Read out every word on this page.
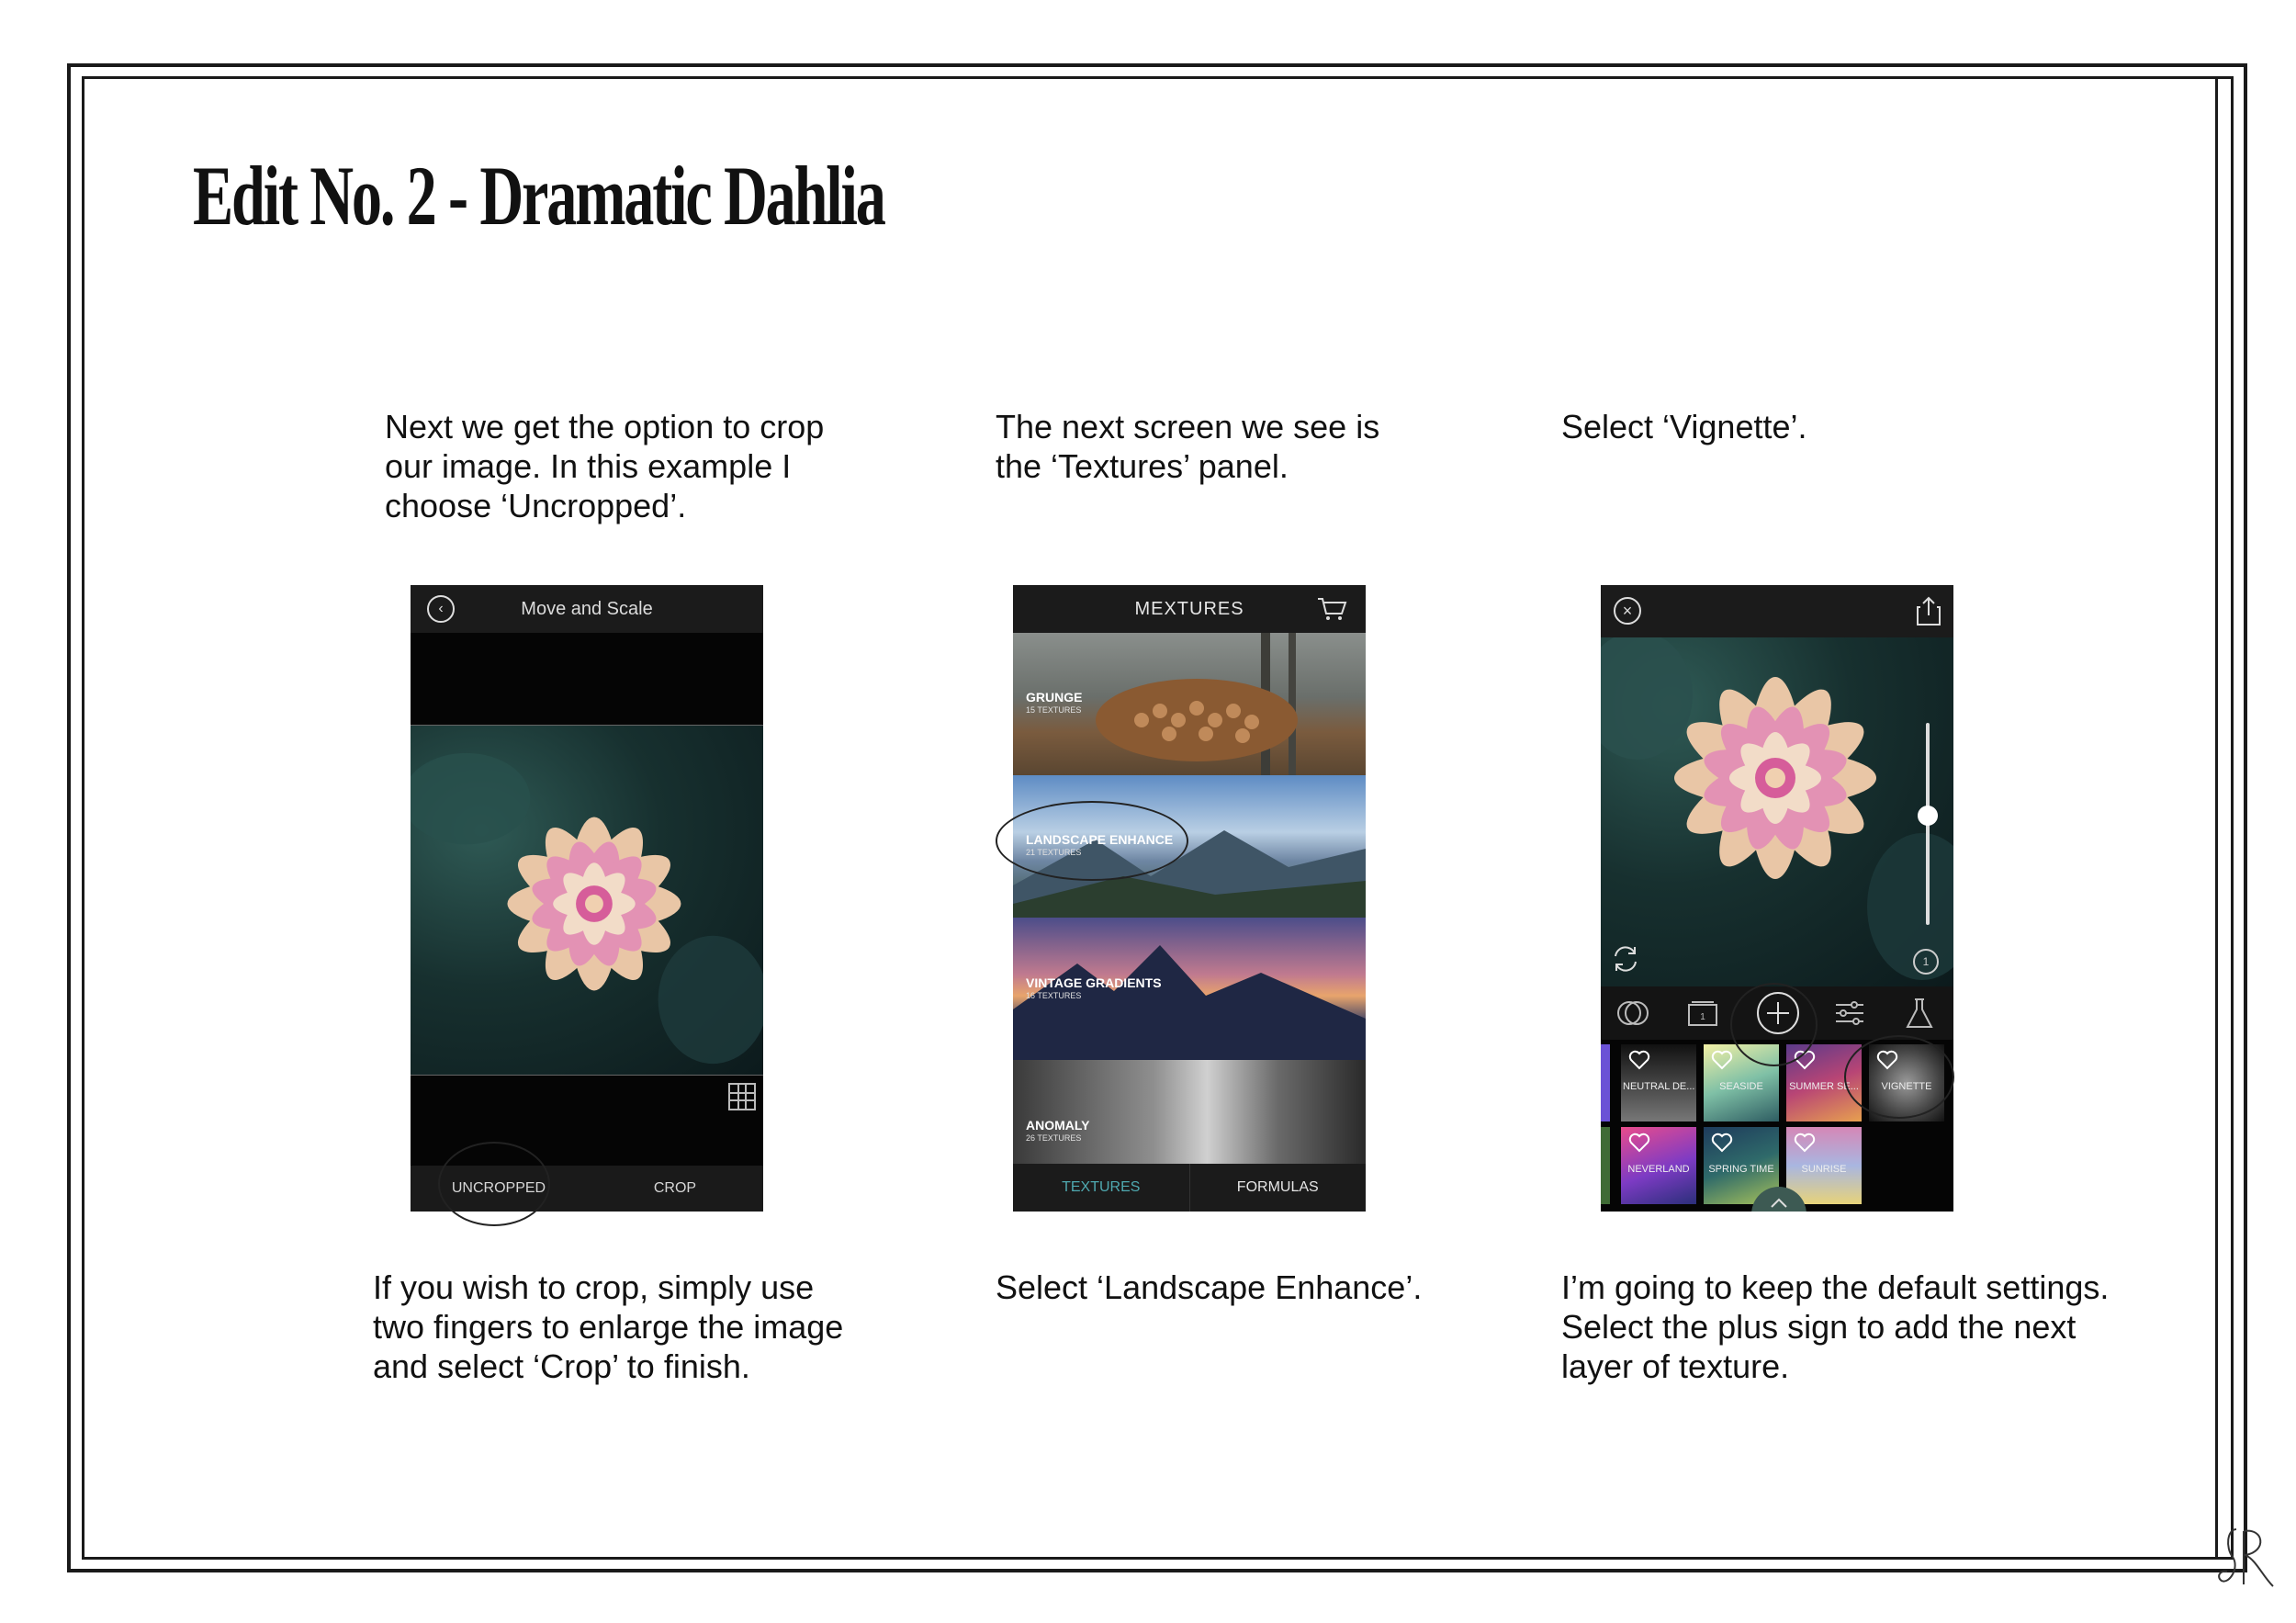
Edit No. 2 - Dramatic Dahlia
Next we get the option to crop
our image. In this example I
choose ‘Uncropped’.
The next screen we see is
the ‘Textures’ panel.
Select ‘Vignette’.
If you wish to crop, simply use
two fingers to enlarge the image
and select ‘Crop’ to finish.
Select ‘Landscape Enhance’.	I’m going to keep the default settings.
Select the plus sign to add the next
layer of texture.
‹	Move and Scale
UNCROPPED	CROP
MEXTURES
GRUNGE
15 TEXTURES
LANDSCAPE ENHANCE
21 TEXTURES
VINTAGE GRADIENTS
16 TEXTURES
ANOMALY
26 TEXTURES
TEXTURES	FORMULAS
×
1
1
NEUTRAL DE...	SEASIDE	SUMMER SE...	VIGNETTE
NEVERLAND	SPRING TIME	SUNRISE
